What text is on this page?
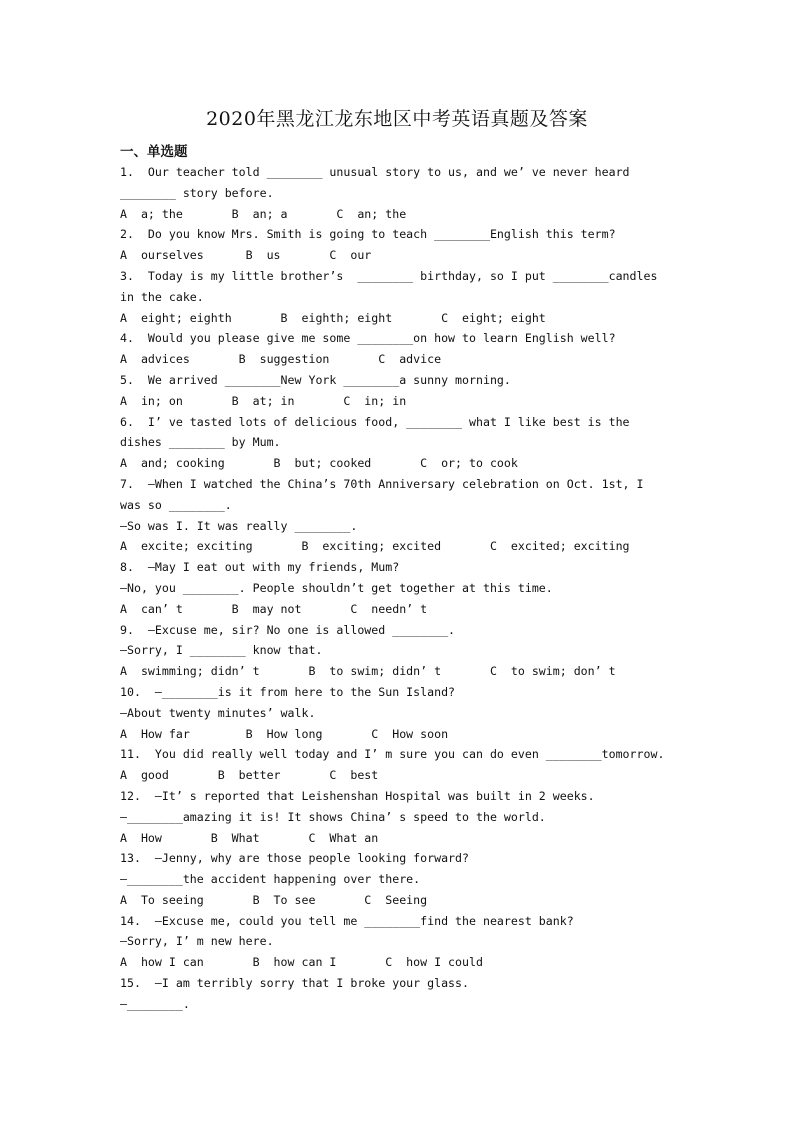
2020年黑龙江龙东地区中考英语真题及答案
一、单选题
1.  Our teacher told ________ unusual story to us, and we’ ve never heard
________ story before.
A  a; the       B  an; a       C  an; the
2.  Do you know Mrs. Smith is going to teach ________English this term?
A  ourselves      B  us       C  our
3.  Today is my little brother’s  ________ birthday, so I put ________candles
in the cake.
A  eight; eighth       B  eighth; eight       C  eight; eight
4.  Would you please give me some ________on how to learn English well?
A  advices       B  suggestion       C  advice
5.  We arrived ________New York ________a sunny morning.
A  in; on       B  at; in       C  in; in
6.  I’ ve tasted lots of delicious food, ________ what I like best is the
dishes ________ by Mum.
A  and; cooking       B  but; cooked       C  or; to cook
7.  —When I watched the China’s 70th Anniversary celebration on Oct. 1st, I
was so ________.
—So was I. It was really ________.
A  excite; exciting       B  exciting; excited       C  excited; exciting
8.  —May I eat out with my friends, Mum?
—No, you ________. People shouldn’t get together at this time.
A  can’ t       B  may not       C  needn’ t
9.  —Excuse me, sir? No one is allowed ________.
—Sorry, I ________ know that.
A  swimming; didn’ t       B  to swim; didn’ t       C  to swim; don’ t
10.  —________is it from here to the Sun Island?
—About twenty minutes’ walk.
A  How far        B  How long       C  How soon
11.  You did really well today and I’ m sure you can do even ________tomorrow.
A  good       B  better       C  best
12.  —It’ s reported that Leishenshan Hospital was built in 2 weeks.
—________amazing it is! It shows China’ s speed to the world.
A  How       B  What       C  What an
13.  —Jenny, why are those people looking forward?
—________the accident happening over there.
A  To seeing       B  To see       C  Seeing
14.  —Excuse me, could you tell me ________find the nearest bank?
—Sorry, I’ m new here.
A  how I can       B  how can I       C  how I could
15.  —I am terribly sorry that I broke your glass.
—________.
